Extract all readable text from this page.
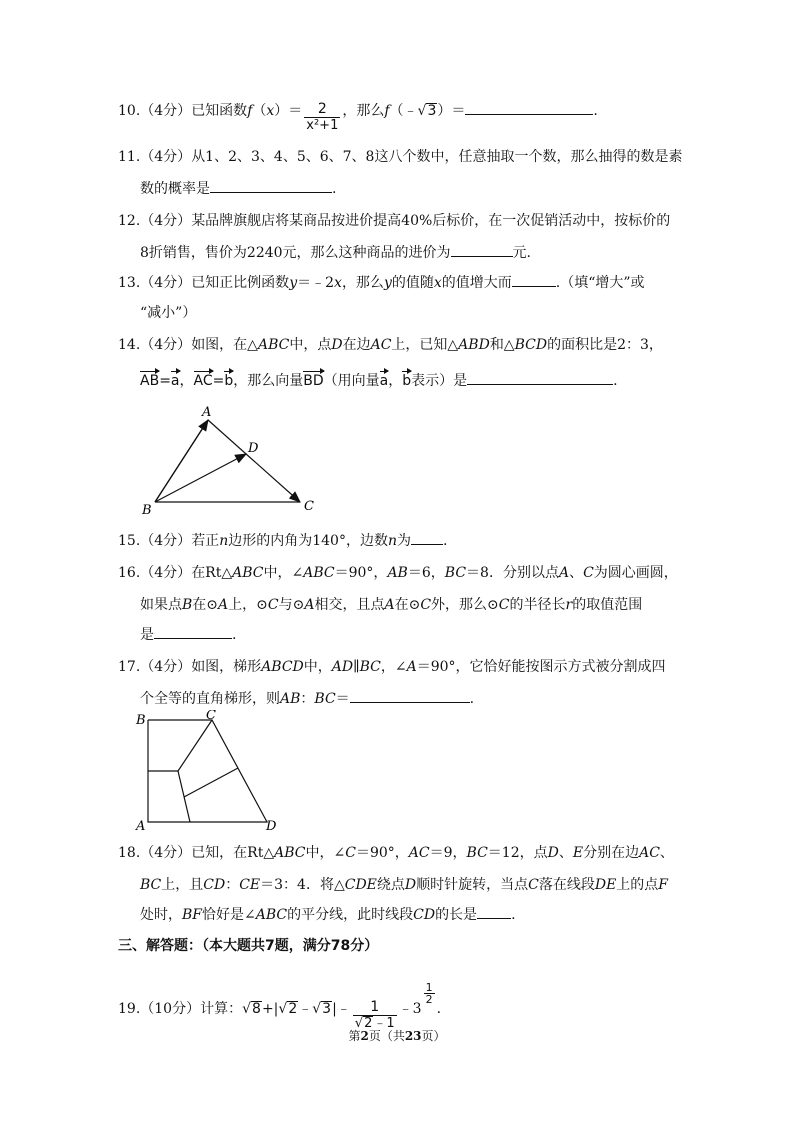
10.（4分）已知函数$f(x)= \frac{2}{\text{x²+1}}$ ，那么f（﹣√3）＝	.
11.（4分）从1、2、3、4、5、6、7、8这八个数中，任意抽取一个数，那么抽得的数是素
数的概率是	.
12.（4分）某品牌旗舰店将某商品按进价提高40%后标价，在一次促销活动中，按标价的
8折销售，售价为2240元，那么这种商品的进价为	元.
13.（4分）已知正比例函数y＝﹣2x，那么y的值随x的值增大而	.（填“增大”或
“减小”）
14.（4分）如图，在△ABC中，点D在边AC上，已知△ABD和△BCD的面积比是2：3，
AB=a，AC=b，那么向量BD（用向量a，b表示）是	.
A
D
B	C
15.（4分）若正n边形的内角为140°，边数n为 .
16.（4分）在Rt△ABC中，∠ABC＝90°，AB＝6，BC＝8．分别以点A、C为圆心画圆，
如果点B在⊙A上，⊙C与⊙A相交，且点A在⊙C外，那么⊙C的半径长r的取值范围
是	.
17.（4分）如图，梯形ABCD中，AD∥BC，∠A＝90°，它恰好能按图示方式被分割成四
个全等的直角梯形，则AB：BC＝	.
B	C
A	D
18.（4分）已知，在Rt△ABC中，∠C＝90°，AC＝9，BC＝12，点D、E分别在边AC、
BC上，且CD：CE＝3：4．将△CDE绕点D顺时针旋转，当点C落在线段DE上的点F
处时，BF恰好是∠ABC的平分线，此时线段CD的长是 .
三、解答题：（本大题共7题，满分78分）
19.（10分）计算：√8+|√2﹣√3|﹣ $\frac{1}{√2﹣1}$ ﹣3
$\frac{1}{2}$
.
第2页（共23页）
